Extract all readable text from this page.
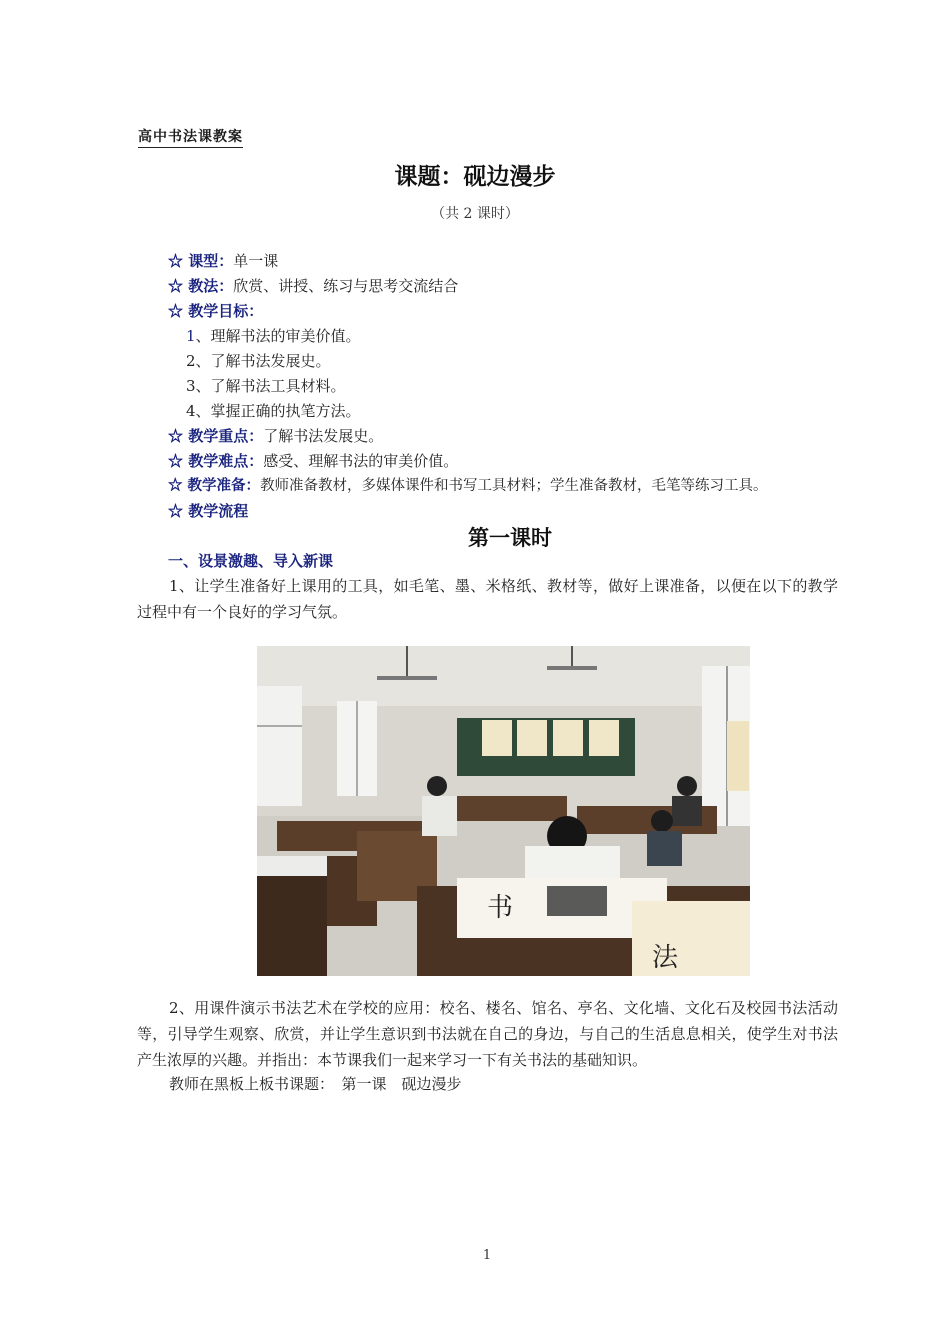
高中书法课教案
课题：砚边漫步
（共 2 课时）
☆ 课型：单一课
☆ 教法：欣赏、讲授、练习与思考交流结合
☆ 教学目标：
1、理解书法的审美价值。
2、了解书法发展史。
3、了解书法工具材料。
4、掌握正确的执笔方法。
☆ 教学重点：了解书法发展史。
☆ 教学难点：感受、理解书法的审美价值。
☆ 教学准备：教师准备教材，多媒体课件和书写工具材料；学生准备教材，毛笔等练习工具。
☆ 教学流程
第一课时
一、设景激趣、导入新课
1、让学生准备好上课用的工具，如毛笔、墨、米格纸、教材等，做好上课准备，以便在以下的教学过程中有一个良好的学习气氛。
书
法
2、用课件演示书法艺术在学校的应用：校名、楼名、馆名、亭名、文化墙、文化石及校园书法活动等，引导学生观察、欣赏，并让学生意识到书法就在自己的身边，与自己的生活息息相关，使学生对书法产生浓厚的兴趣。并指出：本节课我们一起来学习一下有关书法的基础知识。
教师在黑板上板书课题：　第一课　砚边漫步
1
